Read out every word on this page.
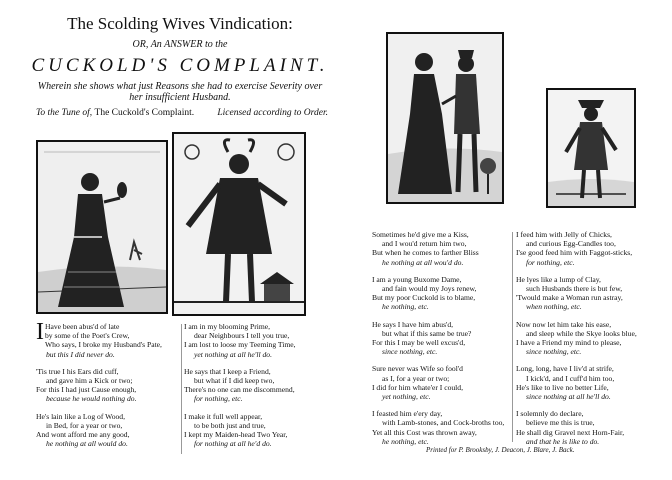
The Scolding Wives Vindication:
OR, An ANSWER to the
CUCKOLD'S COMPLAINT.
Wherein she shows what just Reasons she had to exercise Severity over her insufficient Husband.
To the Tune of, The Cuckold's Complaint. Licensed according to Order.
I Have been abus'd of late
by some of the Poet's Crew,
Who says, I broke my Husband's Pate,
but this I did never do.
'Tis true I his Ears did cuff,
and gave him a Kick or two;
For this I had just Cause enough,
because he would nothing do.
He's lain like a Log of Wood,
in Bed, for a year or two,
And wont afford me any good,
he nothing at all would do.
I am in my blooming Prime,
dear Neighbours I tell you true,
I am lost to loose my Teeming Time,
yet nothing at all he'll do.
He says that I keep a Friend,
but what if I did keep two,
There's no one can me discommend,
for nothing, etc.
I make it full well appear,
to be both just and true,
I kept my Maiden-head Two Year,
for nothing at all he'd do.
Sometimes he'd give me a Kiss,
and I wou'd return him two,
But when he comes to farther Bliss
he nothing at all wou'd do.
I am a young Buxome Dame,
and fain would my Joys renew,
But my poor Cuckold is to blame,
he nothing, etc.
He says I have him abus'd,
but what if this same be true?
For this I may be well excus'd,
since nothing, etc.
Sure never was Wife so fool'd
as I, for a year or two;
I did for him whate'er I could,
yet nothing, etc.
I feasted him e'ery day,
with Lamb-stones, and Cock-broths too,
Yet all this Cost was thrown away,
he nothing, etc.
I feed him with Jelly of Chicks,
and curious Egg-Candles too,
I'se good feed him with Faggot-sticks,
for nothing, etc.
He lyes like a lump of Clay,
such Husbands there is but few,
'Twould make a Woman run astray,
when nothing, etc.
Now now let him take his ease,
and sleep while the Skye looks blue,
I have a Friend my mind to please,
since nothing, etc.
Long, long, have I liv'd at strife,
I kick'd, and I cuff'd him too,
He's like to live no better Life,
since nothing at all he'll do.
I solemnly do declare,
believe me this is true,
He shall dig Gravel next Horn-Fair,
and that he is like to do.
Printed for P. Brooksby, J. Deacon, J. Blare, J. Back.
